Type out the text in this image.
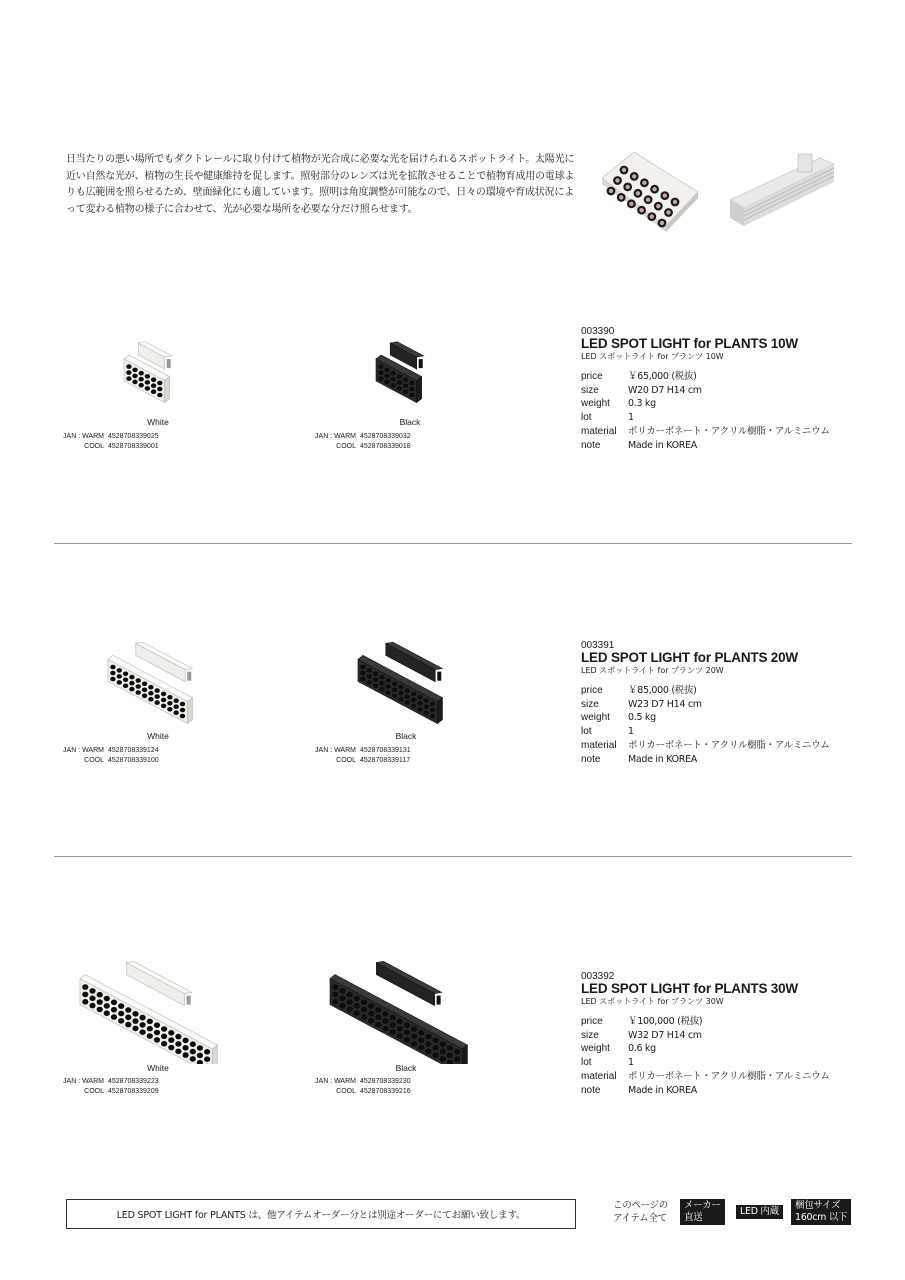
日当たりの悪い場所でもダクトレールに取り付けて植物が光合成に必要な光を届けられるスポットライト。太陽光に近い自然な光が、植物の生長や健康維持を促します。照射部分のレンズは光を拡散させることで植物育成用の電球よりも広範囲を照らせるため、壁面緑化にも適しています。照明は角度調整が可能なので、日々の環境や育成状況によって変わる植物の様子に合わせて、光が必要な場所を必要な分だけ照らせます。

White
JAN : WARM 4528708339025
COOL 4528708339001
Black
JAN : WARM 4528708339032
COOL 4528708339018
003390
LED SPOT LIGHT for PLANTS 10W
LED スポットライト for プランツ 10W
price	￥65,000 (税抜)
size	W20 D7 H14 cm
weight	0.3 kg
lot	1
material	ポリカーボネート・アクリル樹脂・アルミニウム
note	Made in KOREA
White
JAN : WARM 4528708339124
COOL 4528708339100
Black
JAN : WARM 4528708339131
COOL 4528708339117
003391
LED SPOT LIGHT for PLANTS 20W
LED スポットライト for プランツ 20W
price	￥85,000 (税抜)
size	W23 D7 H14 cm
weight	0.5 kg
lot	1
material	ポリカーボネート・アクリル樹脂・アルミニウム
note	Made in KOREA
White
JAN : WARM 4528708339223
COOL 4528708339209
Black
JAN : WARM 4528708339230
COOL 4528708339216
003392
LED SPOT LIGHT for PLANTS 30W
LED スポットライト for プランツ 30W
price	￥100,000 (税抜)
size	W32 D7 H14 cm
weight	0.6 kg
lot	1
material	ポリカーボネート・アクリル樹脂・アルミニウム
note	Made in KOREA
LED SPOT LIGHT for PLANTS は、他アイテムオーダー分とは別途オーダーにてお願い致します。
このページの
アイテム全て
メーカー
直送
LED 内蔵
梱包サイズ
160cm 以下
